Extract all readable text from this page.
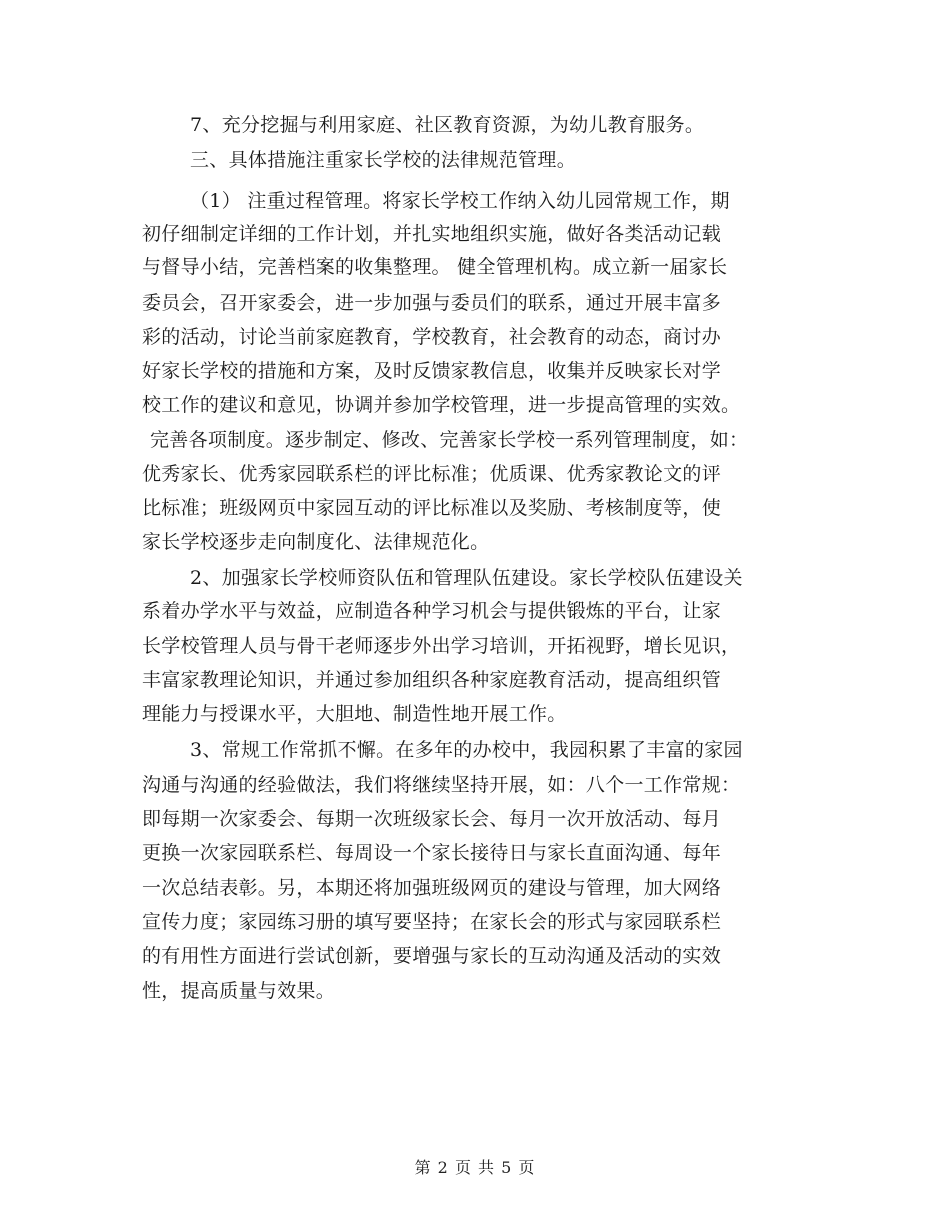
7、充分挖掘与利用家庭、社区教育资源，为幼儿教育服务。
三、具体措施注重家长学校的法律规范管理。
（1） 注重过程管理。将家长学校工作纳入幼儿园常规工作，期
初仔细制定详细的工作计划，并扎实地组织实施，做好各类活动记载
与督导小结，完善档案的收集整理。 健全管理机构。成立新一届家长
委员会，召开家委会，进一步加强与委员们的联系，通过开展丰富多
彩的活动，讨论当前家庭教育，学校教育，社会教育的动态，商讨办
好家长学校的措施和方案，及时反馈家教信息，收集并反映家长对学
校工作的建议和意见，协调并参加学校管理，进一步提高管理的实效。
完善各项制度。逐步制定、修改、完善家长学校一系列管理制度，如：
优秀家长、优秀家园联系栏的评比标准；优质课、优秀家教论文的评
比标准；班级网页中家园互动的评比标准以及奖励、考核制度等，使
家长学校逐步走向制度化、法律规范化。
2、加强家长学校师资队伍和管理队伍建设。家长学校队伍建设关
系着办学水平与效益，应制造各种学习机会与提供锻炼的平台，让家
长学校管理人员与骨干老师逐步外出学习培训，开拓视野，增长见识，
丰富家教理论知识，并通过参加组织各种家庭教育活动，提高组织管
理能力与授课水平，大胆地、制造性地开展工作。
3、常规工作常抓不懈。在多年的办校中，我园积累了丰富的家园
沟通与沟通的经验做法，我们将继续坚持开展，如：八个一工作常规：
即每期一次家委会、每期一次班级家长会、每月一次开放活动、每月
更换一次家园联系栏、每周设一个家长接待日与家长直面沟通、每年
一次总结表彰。另，本期还将加强班级网页的建设与管理，加大网络
宣传力度；家园练习册的填写要坚持；在家长会的形式与家园联系栏
的有用性方面进行尝试创新，要增强与家长的互动沟通及活动的实效
性，提高质量与效果。
第 2 页 共 5 页
